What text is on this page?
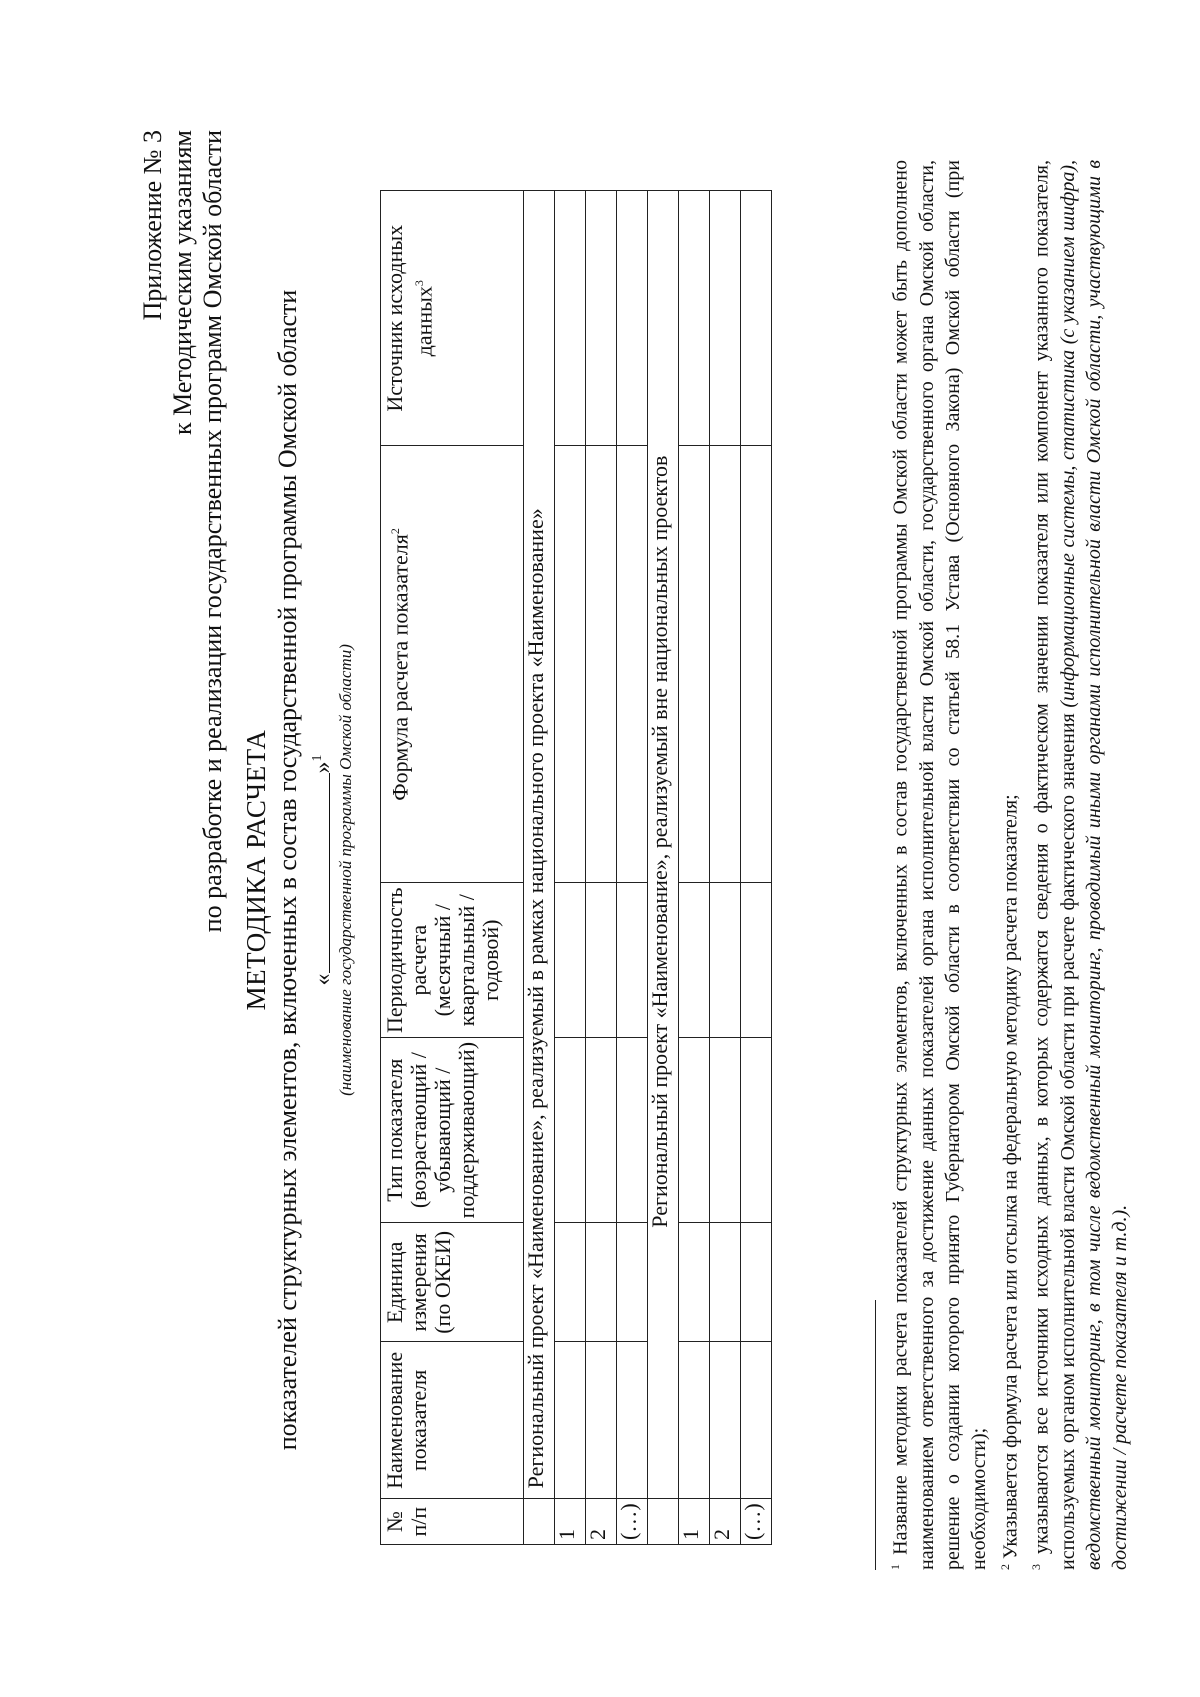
Приложение № 3 к Методическим указаниям по разработке и реализации государственных программ Омской области МЕТОДИКА РАСЧЕТА показателей структурных элементов, включенных в состав государственной программы Омской области «»$^1$ (наименование государственной программы Омской области)
№ п/п	Наименование показателя	Единица измерения (по ОКЕИ)	Тип показателя (возрастающий / убывающий / поддерживающий)	Периодичность расчета (месячный / квартальный / годовой)	Формула расчета показателя$^2$	Источник исходных данных$^3$
	Региональный проект «Наименование», реализуемый в рамках национального проекта «Наименование»					
1						
2						
(…)						
	Региональный проект «Наименование», реализуемый вне национальных проектов					
1						
2						
(…)						

$^1$ Название методики расчета показателей структурных элементов, включенных в состав государственной программы Омской области может быть дополнено наименованием ответственного за достижение данных показателей органа исполнительной власти Омской области, государственного органа Омской области, решение о создании которого принято Губернатором Омской области в соответствии со статьей 58.1 Устава (Основного Закона) Омской области (при необходимости); $^2$ Указывается формула расчета или отсылка на федеральную методику расчета показателя;

$^3$ указываются все источники исходных данных, в которых содержатся сведения о фактическом значении показателя или компонент указанного показателя, используемых органом исполнительной власти Омской области при расчете фактического значения (информационные системы, статистика (с указанием шифра), ведомственный мониторинг, в том числе ведомственный мониторинг, проводимый иными органами исполнительной власти Омской области, участвующими в достижении / расчете показателя и т.д.).
